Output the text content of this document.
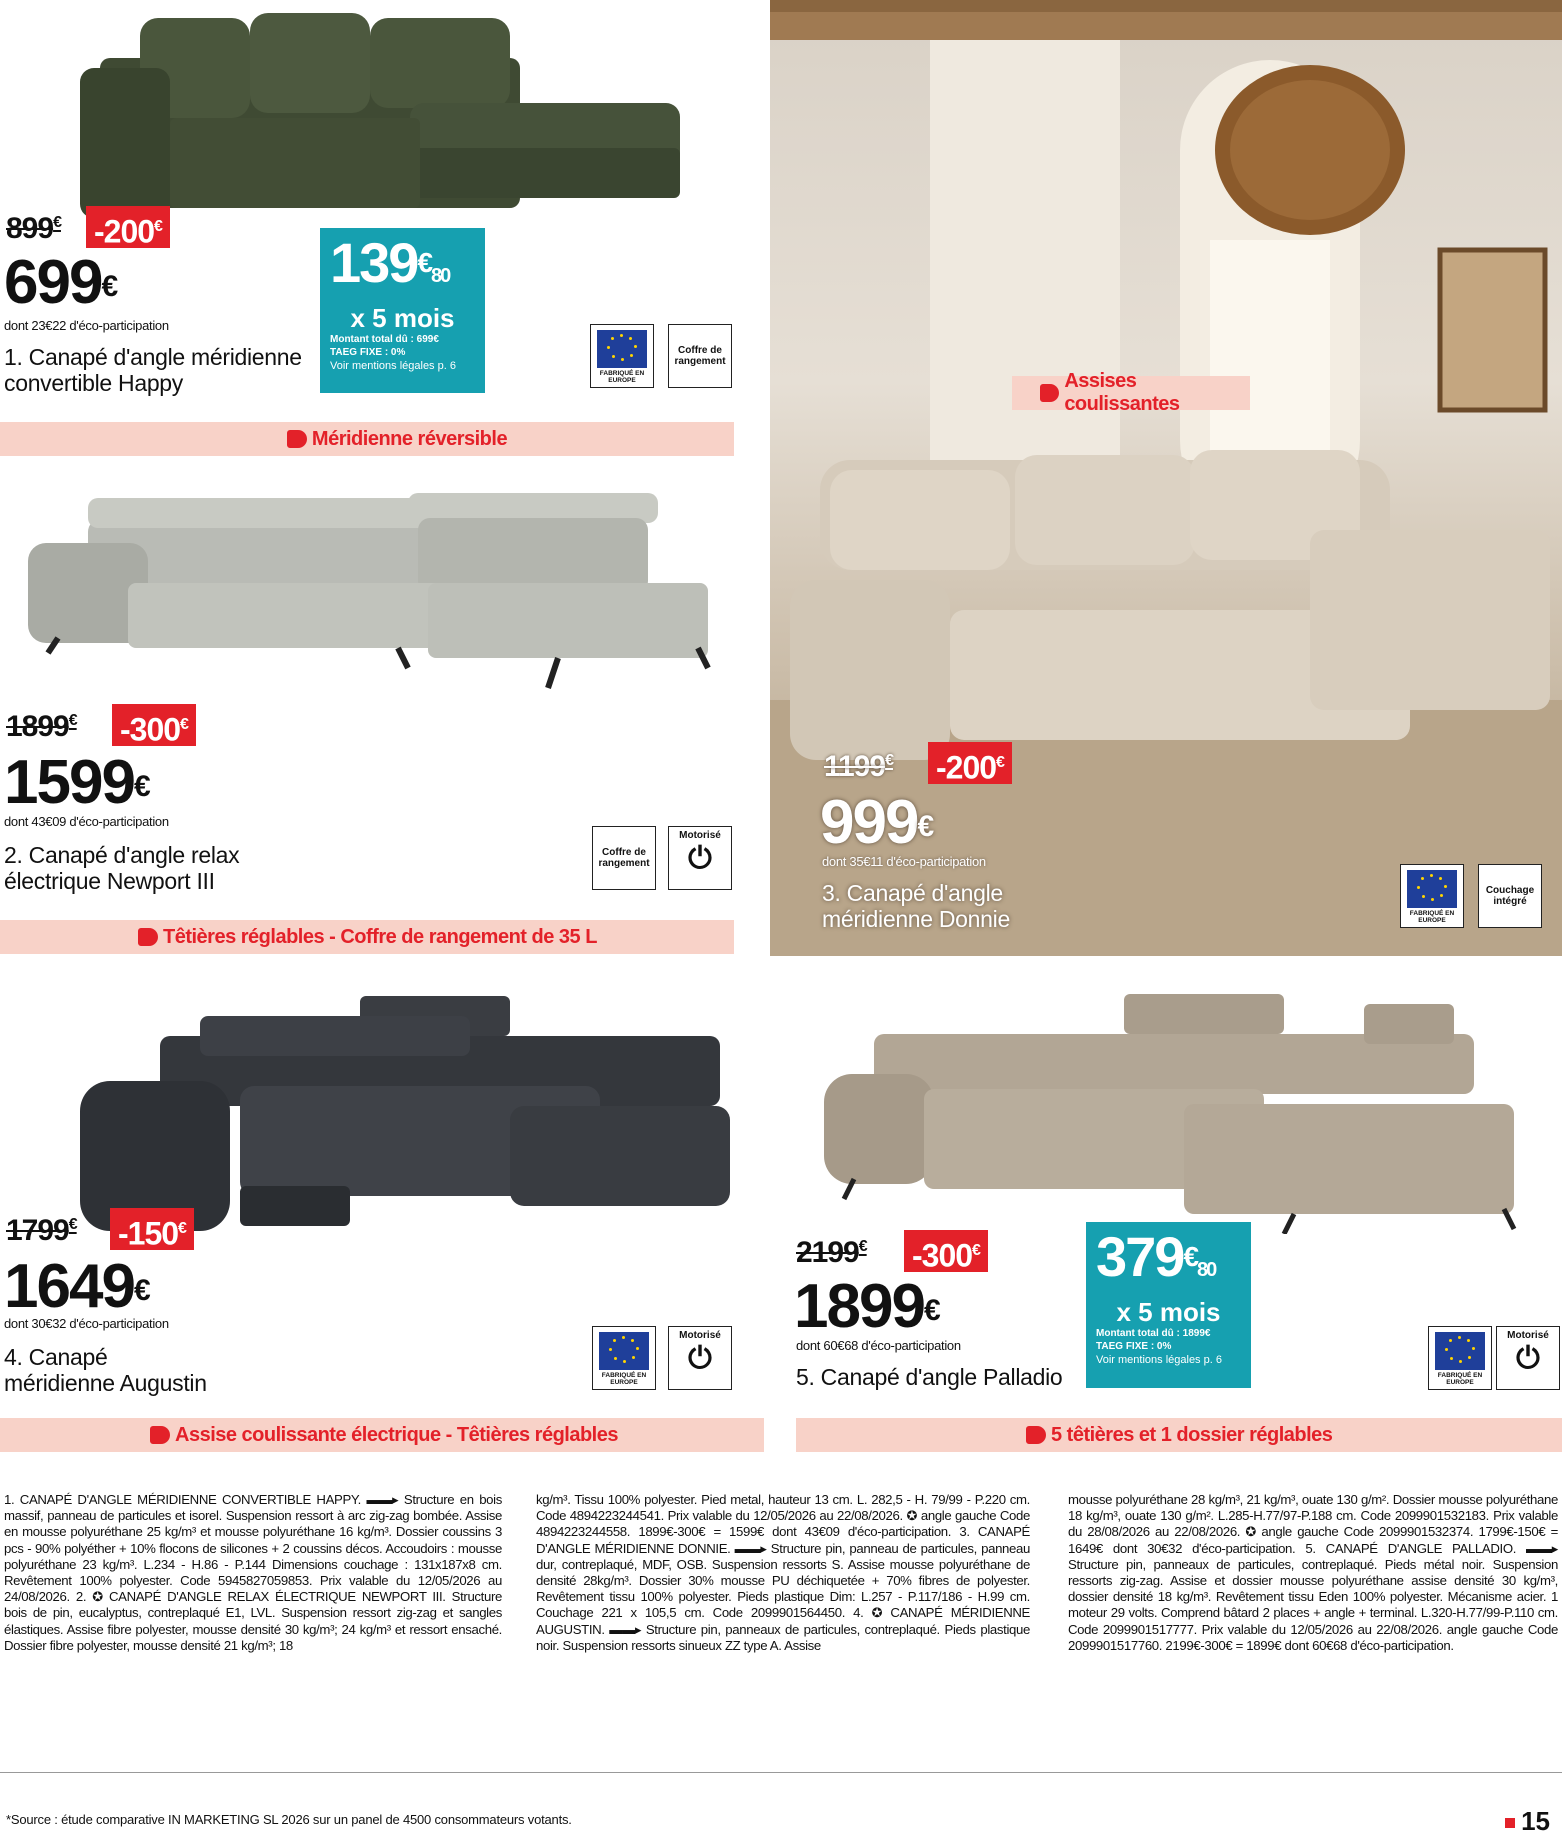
899€ -200€
699€
dont 23€22 d'éco-participation
1. Canapé d'angle méridienne
convertible Happy
139€80
x 5 mois
Montant total dû : 699€
TAEG FIXE : 0%
Voir mentions légales p. 6
FABRIQUÉ EN EUROPE
Coffre de rangement
Méridienne réversible
1899€ -300€
1599€
dont 43€09 d'éco-participation
2. Canapé d'angle relax
électrique Newport III
Coffre de rangement
Motorisé
⏻
Têtières réglables - Coffre de rangement de 35 L
1199€ -200€
999€
dont 35€11 d'éco-participation
3. Canapé d'angle
méridienne Donnie	FABRIQUÉ EN EUROPE
Couchage intégré
Assises coulissantes
1799€ -150€
1649€
dont 30€32 d'éco-participation
4. Canapé
méridienne Augustin	FABRIQUÉ EN EUROPE
Motorisé
⏻
Assise coulissante électrique - Têtières réglables
2199€ -300€
1899€
dont 60€68 d'éco-participation
5. Canapé d'angle Palladio
379€80
x 5 mois
Montant total dû : 1899€
TAEG FIXE : 0%
Voir mentions légales p. 6
FABRIQUÉ EN EUROPE
Motorisé
⏻
5 têtières et 1 dossier réglables
1. CANAPÉ D'ANGLE MÉRIDIENNE CONVERTIBLE HAPPY. ▬▬▸ Structure en bois massif, panneau de particules et isorel. Suspension ressort à arc zig-zag bombée. Assise en mousse polyuréthane 25 kg/m³ et mousse polyuréthane 16 kg/m³. Dossier coussins 3 pcs - 90% polyéther + 10% flocons de silicones + 2 coussins décos. Accoudoirs : mousse polyuréthane 23 kg/m³. L.234 - H.86 - P.144 Dimensions couchage : 131x187x8 cm. Revêtement 100% polyester. Code 5945827059853. Prix valable du 12/05/2026 au 24/08/2026. 2. ✪ CANAPÉ D'ANGLE RELAX ÉLECTRIQUE NEWPORT III. Structure bois de pin, eucalyptus, contreplaqué E1, LVL. Suspension ressort zig-zag et sangles élastiques. Assise fibre polyester, mousse densité 30 kg/m³; 24 kg/m³ et ressort ensaché. Dossier fibre polyester, mousse densité 21 kg/m³; 18
kg/m³. Tissu 100% polyester. Pied metal, hauteur 13 cm. L. 282,5 - H. 79/99 - P.220 cm. Code 4894223244541. Prix valable du 12/05/2026 au 22/08/2026. ✪ angle gauche Code 4894223244558. 1899€-300€ = 1599€ dont 43€09 d'éco-participation. 3. CANAPÉ D'ANGLE MÉRIDIENNE DONNIE. ▬▬▸ Structure pin, panneau de particules, panneau dur, contreplaqué, MDF, OSB. Suspension ressorts S. Assise mousse polyuréthane de densité 28kg/m³. Dossier 30% mousse PU déchiquetée + 70% fibres de polyester. Revêtement tissu 100% polyester. Pieds plastique Dim: L.257 - P.117/186 - H.99 cm. Couchage 221 x 105,5 cm. Code 2099901564450. 4. ✪ CANAPÉ MÉRIDIENNE AUGUSTIN. ▬▬▸ Structure pin, panneaux de particules, contreplaqué. Pieds plastique noir. Suspension ressorts sinueux ZZ type A. Assise
mousse polyuréthane 28 kg/m³, 21 kg/m³, ouate 130 g/m². Dossier mousse polyuréthane 18 kg/m³, ouate 130 g/m². L.285-H.77/97-P.188 cm. Code 2099901532183. Prix valable du 28/08/2026 au 22/08/2026. ✪ angle gauche Code 2099901532374. 1799€-150€ = 1649€ dont 30€32 d'éco-participation. 5. CANAPÉ D'ANGLE PALLADIO. ▬▬▸ Structure pin, panneaux de particules, contreplaqué. Pieds métal noir. Suspension ressorts zig-zag. Assise et dossier mousse polyuréthane assise densité 30 kg/m³, dossier densité 18 kg/m³. Revêtement tissu Eden 100% polyester. Mécanisme acier. 1 moteur 29 volts. Comprend bâtard 2 places + angle + terminal. L.320-H.77/99-P.110 cm. Code 2099901517777. Prix valable du 12/05/2026 au 22/08/2026. angle gauche Code 2099901517760. 2199€-300€ = 1899€ dont 60€68 d'éco-participation.
*Source : étude comparative IN MARKETING SL 2026 sur un panel de 4500 consommateurs votants.	15
